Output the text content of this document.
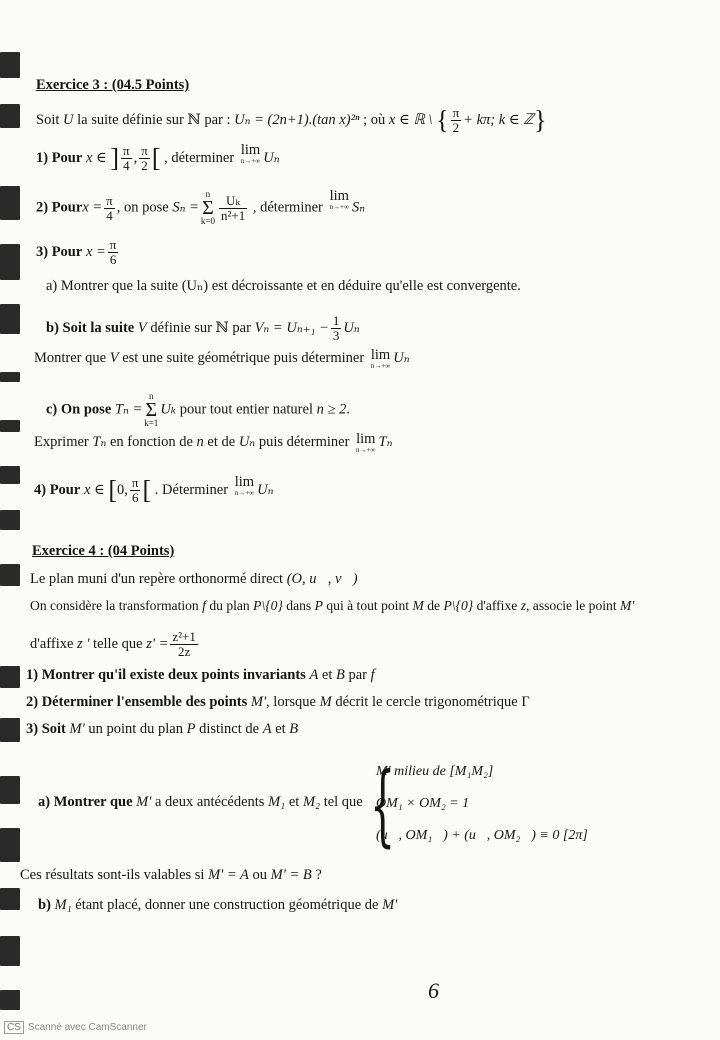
Exercice 3 : (04.5 Points)
Soit U la suite définie sur ℕ par : Uₙ = (2n+1).(tan x)²ⁿ ; où x ∈ ℝ \ { $\frac{\pi}{2} + k\pi$; k ∈ ℤ}
1) Pour x ∈ ] $\frac{\pi}{4}$ , $\frac{\pi}{2}$ [ , déterminer lim
n→+∞ Uₙ
2) Pourx = $\frac{\pi}{4}$ , on pose Sₙ =n
Σ
$k=0 \frac{\text{Uₖ}}{\text{n²+1}}$ , déterminer lim
n→+∞ Sₙ
3) Pour $x = \frac{\pi}{6}$
a) Montrer que la suite (Uₙ) est décroissante et en déduire qu'elle est convergente.
b) Soit la suite V définie sur ℕ par $V_n = U_{n+1} - \frac{1}{3}$ Uₙ
Montrer que V est une suite géométrique puis déterminer lim
n→+∞ Uₙ
c) On pose Tₙ =n
Σ
k=1Uₖ pour tout entier naturel n ≥ 2.
Exprimer Tₙ en fonction de n et de Uₙ puis déterminer lim
n→+∞ Tₙ
4) Pour x ∈ [0, $\frac{\pi}{6}$ [ . Déterminer lim
n→+∞ Uₙ
Exercice 4 : (04 Points)
Le plan muni d'un repère orthonormé direct (O, u⃗, v⃗)
On considère la transformation f du plan P\{0} dans P qui à tout point M de P\{0} d'affixe z, associe le point M'
d'affixe z ' telle que $z' = \frac{\text{z²+1}}{2z}$
1) Montrer qu'il existe deux points invariants A et B par f
2) Déterminer l'ensemble des points M', lorsque M décrit le cercle trigonométrique Γ
3) Soit M' un point du plan P distinct de A et B
a) Montrer que M' a deux antécédents M₁ et M₂ tel que {
M' milieu de [M₁M₂]
OM₁ × OM₂ = 1
(u⃗, OM₁⃗) + (u⃗, OM₂⃗) ≡ 0 [2π]
Ces résultats sont-ils valables si M' = A ou M' = B ?
b) M₁ étant placé, donner une construction géométrique de M'
6
CS Scanné avec CamScanner
